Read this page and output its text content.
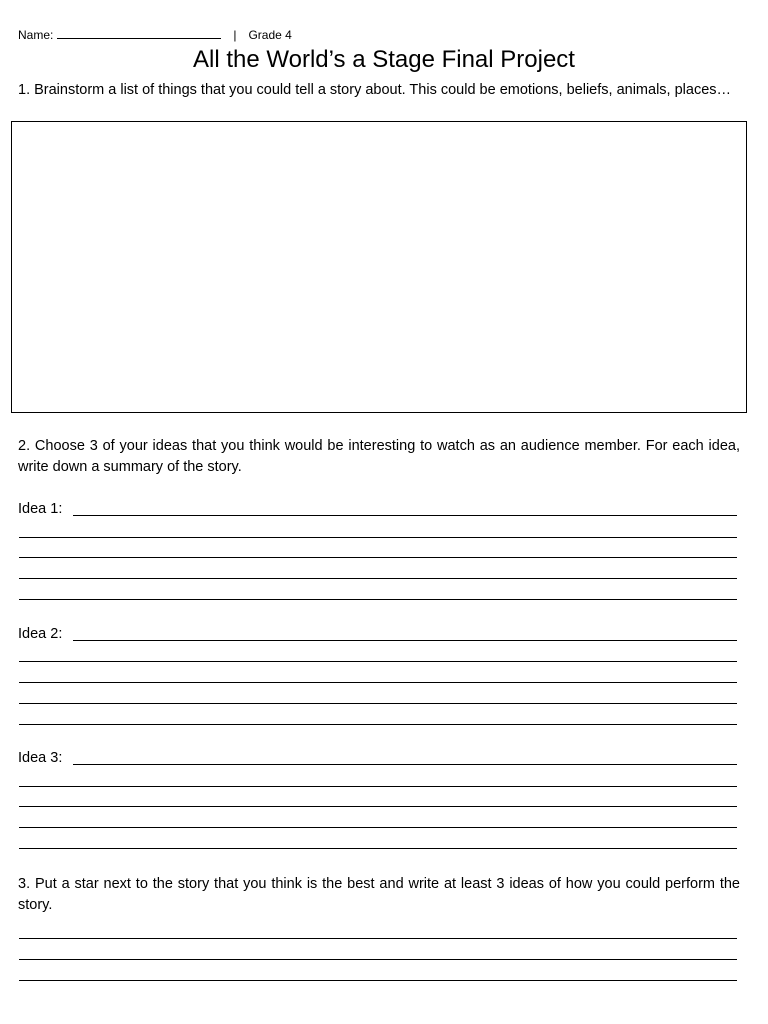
Name:	| Grade 4
All the World’s a Stage Final Project
1. Brainstorm a list of things that you could tell a story about. This could be emotions, beliefs, animals, places…
2. Choose 3 of your ideas that you think would be interesting to watch as an audience member. For each idea, write down a summary of the story.
Idea 1:
Idea 2:
Idea 3:
3. Put a star next to the story that you think is the best and write at least 3 ideas of how you could perform the story.
